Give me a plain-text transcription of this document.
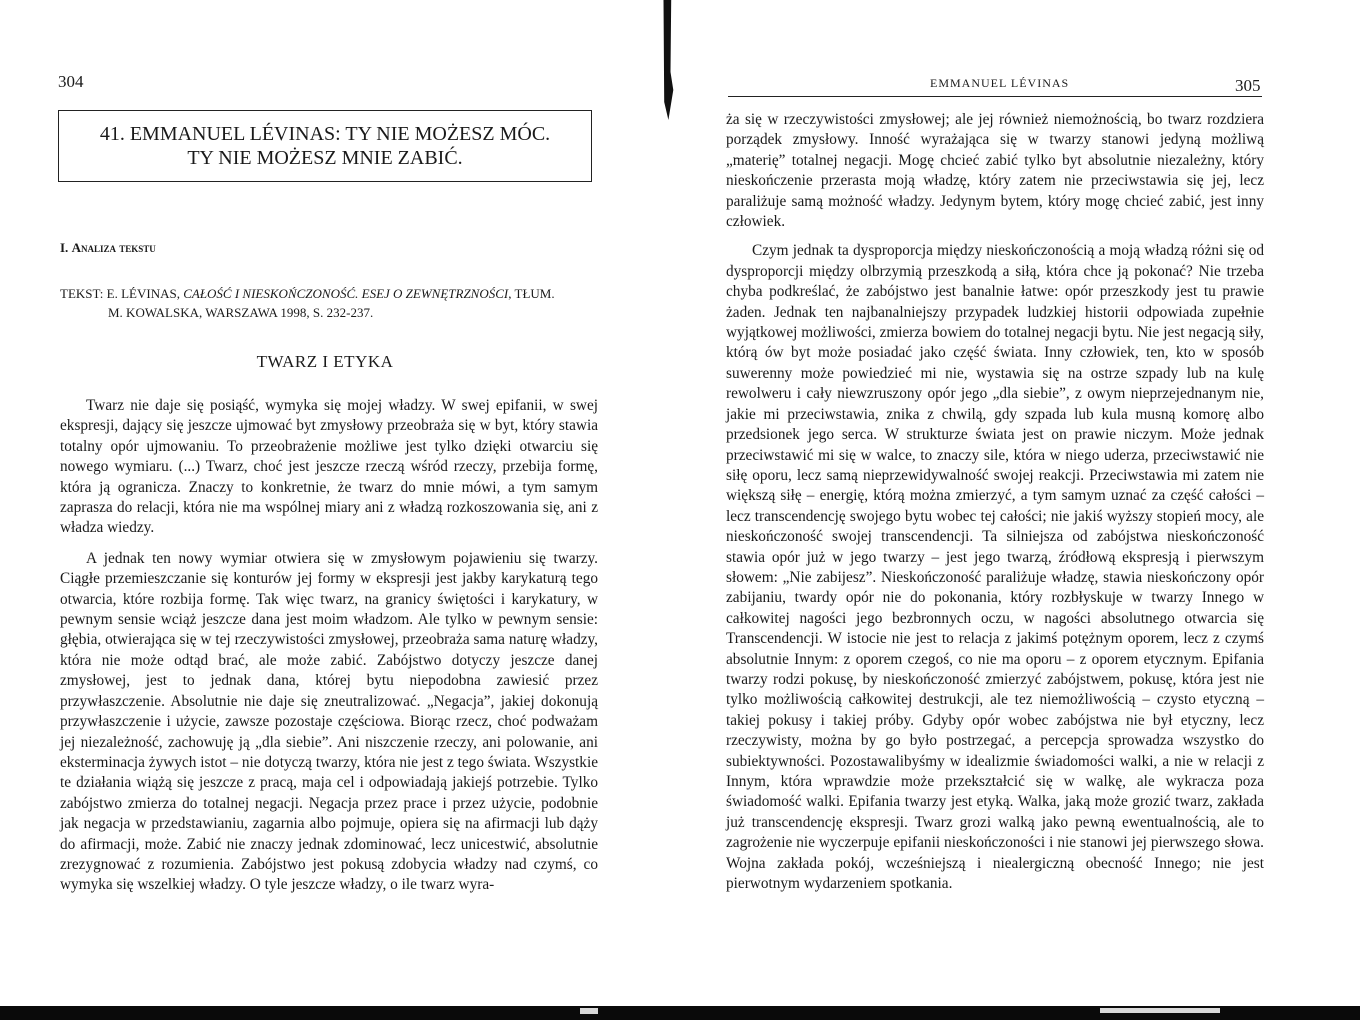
304
41. EMMANUEL LÉVINAS: TY NIE MOŻESZ MÓC.
TY NIE MOŻESZ MNIE ZABIĆ.
I. Analiza tekstu
TEKST: E. LÉVINAS, CAŁOŚĆ I NIESKOŃCZONOŚĆ. ESEJ O ZEWNĘTRZNOŚCI, TŁUM.
M. KOWALSKA, WARSZAWA 1998, S. 232-237.
TWARZ I ETYKA

Twarz nie daje się posiąść, wymyka się mojej władzy. W swej epifanii, w swej ekspresji, dający się jeszcze ujmować byt zmysłowy przeobraża się w byt, który stawia totalny opór ujmowaniu. To przeobrażenie możliwe jest tylko dzięki otwarciu się nowego wymiaru. (...) Twarz, choć jest jeszcze rzeczą wśród rzeczy, przebija formę, która ją ogranicza. Znaczy to konkretnie, że twarz do mnie mówi, a tym samym zaprasza do relacji, która nie ma wspólnej miary ani z władzą rozkoszowania się, ani z władza wiedzy.

A jednak ten nowy wymiar otwiera się w zmysłowym pojawieniu się twarzy. Ciągłe przemieszczanie się konturów jej formy w ekspresji jest jakby karykaturą tego otwarcia, które rozbija formę. Tak więc twarz, na granicy świętości i karykatury, w pewnym sensie wciąż jeszcze dana jest moim władzom. Ale tylko w pewnym sensie: głębia, otwierająca się w tej rzeczywistości zmysłowej, przeobraża sama naturę władzy, która nie może odtąd brać, ale może zabić. Zabójstwo dotyczy jeszcze danej zmysłowej, jest to jednak dana, której bytu niepodobna zawiesić przez przywłaszczenie. Absolutnie nie daje się zneutralizować. „Negacja”, jakiej dokonują przywłaszczenie i użycie, zawsze pozostaje częściowa. Biorąc rzecz, choć podważam jej niezależność, zachowuję ją „dla siebie”. Ani niszczenie rzeczy, ani polowanie, ani eksterminacja żywych istot – nie dotyczą twarzy, która nie jest z tego świata. Wszystkie te działania wiążą się jeszcze z pracą, maja cel i odpowiadają jakiejś potrzebie. Tylko zabójstwo zmierza do totalnej negacji. Negacja przez prace i przez użycie, podobnie jak negacja w przedstawianiu, zagarnia albo pojmuje, opiera się na afirmacji lub dąży do afirmacji, może. Zabić nie znaczy jednak zdominować, lecz unicestwić, absolutnie zrezygnować z rozumienia. Zabójstwo jest pokusą zdobycia władzy nad czymś, co wymyka się wszelkiej władzy. O tyle jeszcze władzy, o ile twarz wyra-

EMMANUEL LÉVINAS	305

ża się w rzeczywistości zmysłowej; ale jej również niemożnością, bo twarz rozdziera porządek zmysłowy. Inność wyrażająca się w twarzy stanowi jedyną możliwą „materię” totalnej negacji. Mogę chcieć zabić tylko byt absolutnie niezależny, który nieskończenie przerasta moją władzę, który zatem nie przeciwstawia się jej, lecz paraliżuje samą możność władzy. Jedynym bytem, który mogę chcieć zabić, jest inny człowiek.

Czym jednak ta dysproporcja między nieskończonością a moją władzą różni się od dysproporcji między olbrzymią przeszkodą a siłą, która chce ją pokonać? Nie trzeba chyba podkreślać, że zabójstwo jest banalnie łatwe: opór przeszkody jest tu prawie żaden. Jednak ten najbanalniejszy przypadek ludzkiej historii odpowiada zupełnie wyjątkowej możliwości, zmierza bowiem do totalnej negacji bytu. Nie jest negacją siły, którą ów byt może posiadać jako część świata. Inny człowiek, ten, kto w sposób suwerenny może powiedzieć mi nie, wystawia się na ostrze szpady lub na kulę rewolweru i cały niewzruszony opór jego „dla siebie”, z owym nieprzejednanym nie, jakie mi przeciwstawia, znika z chwilą, gdy szpada lub kula musną komorę albo przedsionek jego serca. W strukturze świata jest on prawie niczym. Może jednak przeciwstawić mi się w walce, to znaczy sile, która w niego uderza, przeciwstawić nie siłę oporu, lecz samą nieprzewidywalność swojej reakcji. Przeciwstawia mi zatem nie większą siłę – energię, którą można zmierzyć, a tym samym uznać za część całości – lecz transcendencję swojego bytu wobec tej całości; nie jakiś wyższy stopień mocy, ale nieskończoność swojej transcendencji. Ta silniejsza od zabójstwa nieskończoność stawia opór już w jego twarzy – jest jego twarzą, źródłową ekspresją i pierwszym słowem: „Nie zabijesz”. Nieskończoność paraliżuje władzę, stawia nieskończony opór zabijaniu, twardy opór nie do pokonania, który rozbłyskuje w twarzy Innego w całkowitej nagości jego bezbronnych oczu, w nagości absolutnego otwarcia się Transcendencji. W istocie nie jest to relacja z jakimś potężnym oporem, lecz z czymś absolutnie Innym: z oporem czegoś, co nie ma oporu – z oporem etycznym. Epifania twarzy rodzi pokusę, by nieskończoność zmierzyć zabójstwem, pokusę, która jest nie tylko możliwością całkowitej destrukcji, ale tez niemożliwością – czysto etyczną – takiej pokusy i takiej próby. Gdyby opór wobec zabójstwa nie był etyczny, lecz rzeczywisty, można by go było postrzegać, a percepcja sprowadza wszystko do subiektywności. Pozostawalibyśmy w idealizmie świadomości walki, a nie w relacji z Innym, która wprawdzie może przekształcić się w walkę, ale wykracza poza świadomość walki. Epifania twarzy jest etyką. Walka, jaką może grozić twarz, zakłada już transcendencję ekspresji. Twarz grozi walką jako pewną ewentualnością, ale to zagrożenie nie wyczerpuje epifanii nieskończoności i nie stanowi jej pierwszego słowa. Wojna zakłada pokój, wcześniejszą i niealergiczną obecność Innego; nie jest pierwotnym wydarzeniem spotkania.
